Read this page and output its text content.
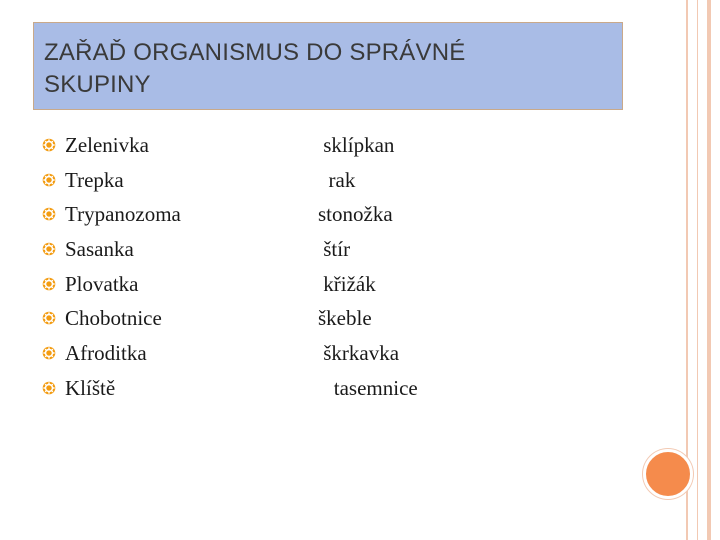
ZAŘAĎ ORGANISMUS DO SPRÁVNÉ SKUPINY
Zelenivka
Trepka
Trypanozoma
Sasanka
Plovatka
Chobotnice
Afroditka
Klíště
sklípkan
rak
stonožka
štír
křižák
škeble
škrkavka
tasemnice
